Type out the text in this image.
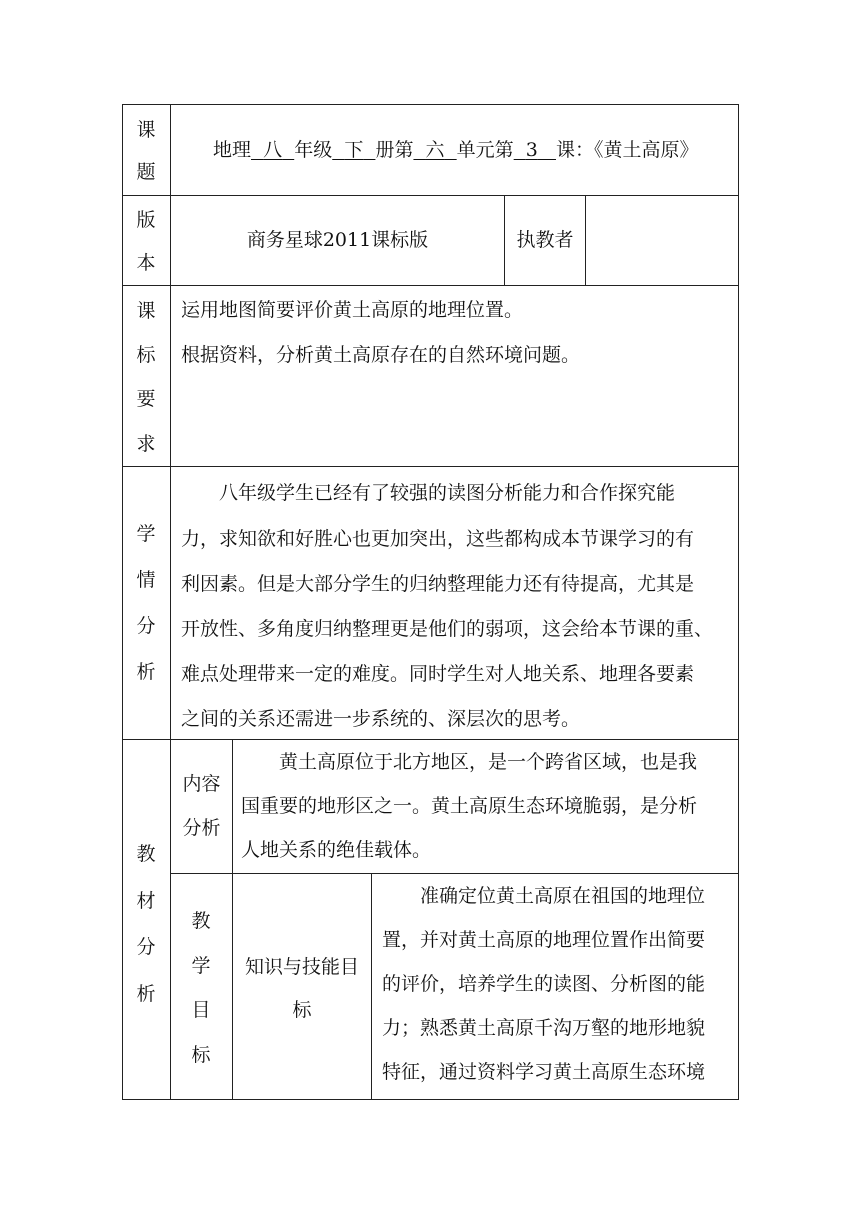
课
题
地理 八 年级 下 册第 六 单元第 3 课：《黄土高原》
版
本
商务星球2011课标版	执教者
课
标
要
求
运用地图简要评价黄土高原的地理位置。
根据资料，分析黄土高原存在的自然环境问题。
学
情
分
析
八年级学生已经有了较强的读图分析能力和合作探究能
力，求知欲和好胜心也更加突出，这些都构成本节课学习的有
利因素。但是大部分学生的归纳整理能力还有待提高，尤其是
开放性、多角度归纳整理更是他们的弱项，这会给本节课的重、
难点处理带来一定的难度。同时学生对人地关系、地理各要素
之间的关系还需进一步系统的、深层次的思考。
教
材
分
析
内容
分析
黄土高原位于北方地区，是一个跨省区域，也是我
国重要的地形区之一。黄土高原生态环境脆弱，是分析
人地关系的绝佳载体。
教
学
目
标
知识与技能目
标
准确定位黄土高原在祖国的地理位
置，并对黄土高原的地理位置作出简要
的评价，培养学生的读图、分析图的能
力；熟悉黄土高原千沟万壑的地形地貌
特征，通过资料学习黄土高原生态环境
